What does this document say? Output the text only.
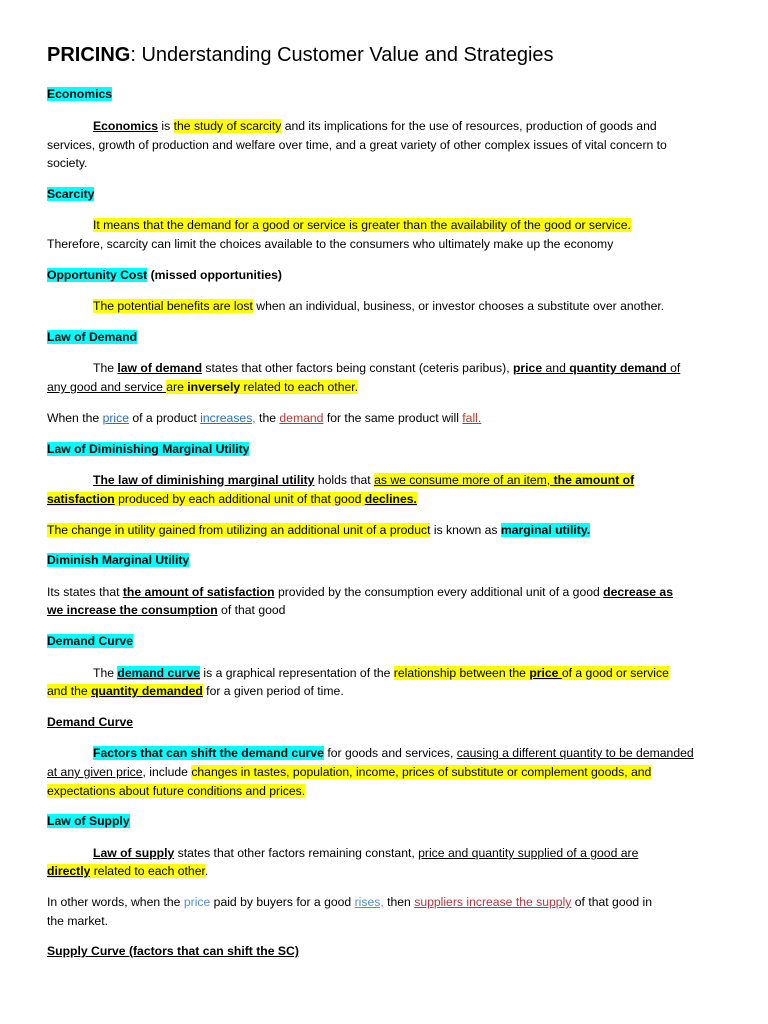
PRICING: Understanding Customer Value and Strategies
Economics
Economics is the study of scarcity and its implications for the use of resources, production of goods and
services, growth of production and welfare over time, and a great variety of other complex issues of vital concern to
society.
Scarcity
It means that the demand for a good or service is greater than the availability of the good or service.
Therefore, scarcity can limit the choices available to the consumers who ultimately make up the economy
Opportunity Cost (missed opportunities)
The potential benefits are lost when an individual, business, or investor chooses a substitute over another.
Law of Demand
The law of demand states that other factors being constant (ceteris paribus), price and quantity demand of
any good and service are inversely related to each other.
When the price of a product increases, the demand for the same product will fall.
Law of Diminishing Marginal Utility
The law of diminishing marginal utility holds that as we consume more of an item, the amount of
satisfaction produced by each additional unit of that good declines.
The change in utility gained from utilizing an additional unit of a product is known as marginal utility.
Diminish Marginal Utility
Its states that the amount of satisfaction provided by the consumption every additional unit of a good decrease as
we increase the consumption of that good
Demand Curve
The demand curve is a graphical representation of the relationship between the price of a good or service
and the quantity demanded for a given period of time.
Demand Curve
Factors that can shift the demand curve for goods and services, causing a different quantity to be demanded
at any given price, include changes in tastes, population, income, prices of substitute or complement goods, and
expectations about future conditions and prices.
Law of Supply
Law of supply states that other factors remaining constant, price and quantity supplied of a good are
directly related to each other.
In other words, when the price paid by buyers for a good rises, then suppliers increase the supply of that good in
the market.
Supply Curve (factors that can shift the SC)
